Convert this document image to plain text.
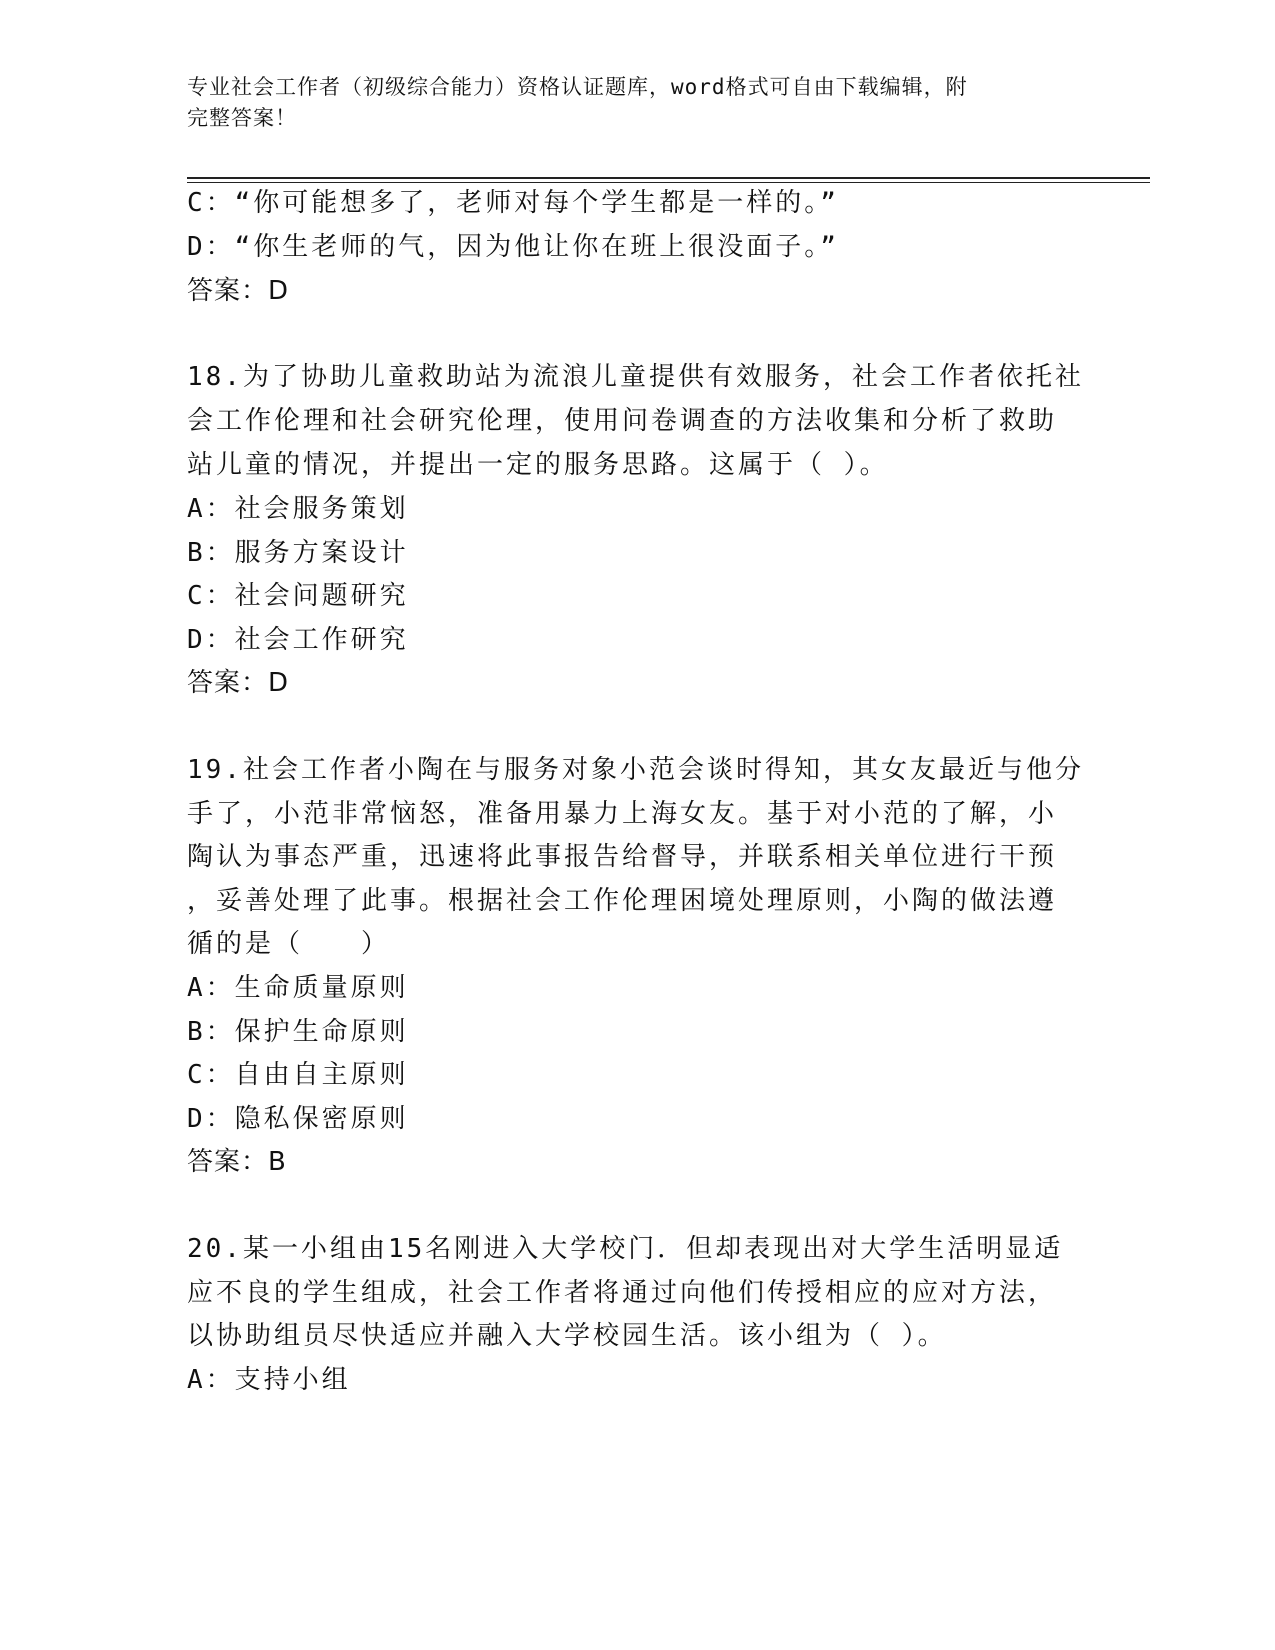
专业社会工作者（初级综合能力）资格认证题库，word格式可自由下载编辑，附
完整答案！
C：“你可能想多了，老师对每个学生都是一样的。”
D：“你生老师的气，因为他让你在班上很没面子。”
答案：D
18.为了协助儿童救助站为流浪儿童提供有效服务，社会工作者依托社
会工作伦理和社会研究伦理，使用问卷调查的方法收集和分析了救助
站儿童的情况，并提出一定的服务思路。这属于（ ）。
A：社会服务策划
B：服务方案设计
C：社会问题研究
D：社会工作研究
答案：D
19.社会工作者小陶在与服务对象小范会谈时得知，其女友最近与他分
手了，小范非常恼怒，准备用暴力上海女友。基于对小范的了解，小
陶认为事态严重，迅速将此事报告给督导，并联系相关单位进行干预
，妥善处理了此事。根据社会工作伦理困境处理原则，小陶的做法遵
循的是（　　）
A：生命质量原则
B：保护生命原则
C：自由自主原则
D：隐私保密原则
答案：B
20.某一小组由15名刚进入大学校门．但却表现出对大学生活明显适
应不良的学生组成，社会工作者将通过向他们传授相应的应对方法，
以协助组员尽快适应并融入大学校园生活。该小组为（ ）。
A：支持小组
